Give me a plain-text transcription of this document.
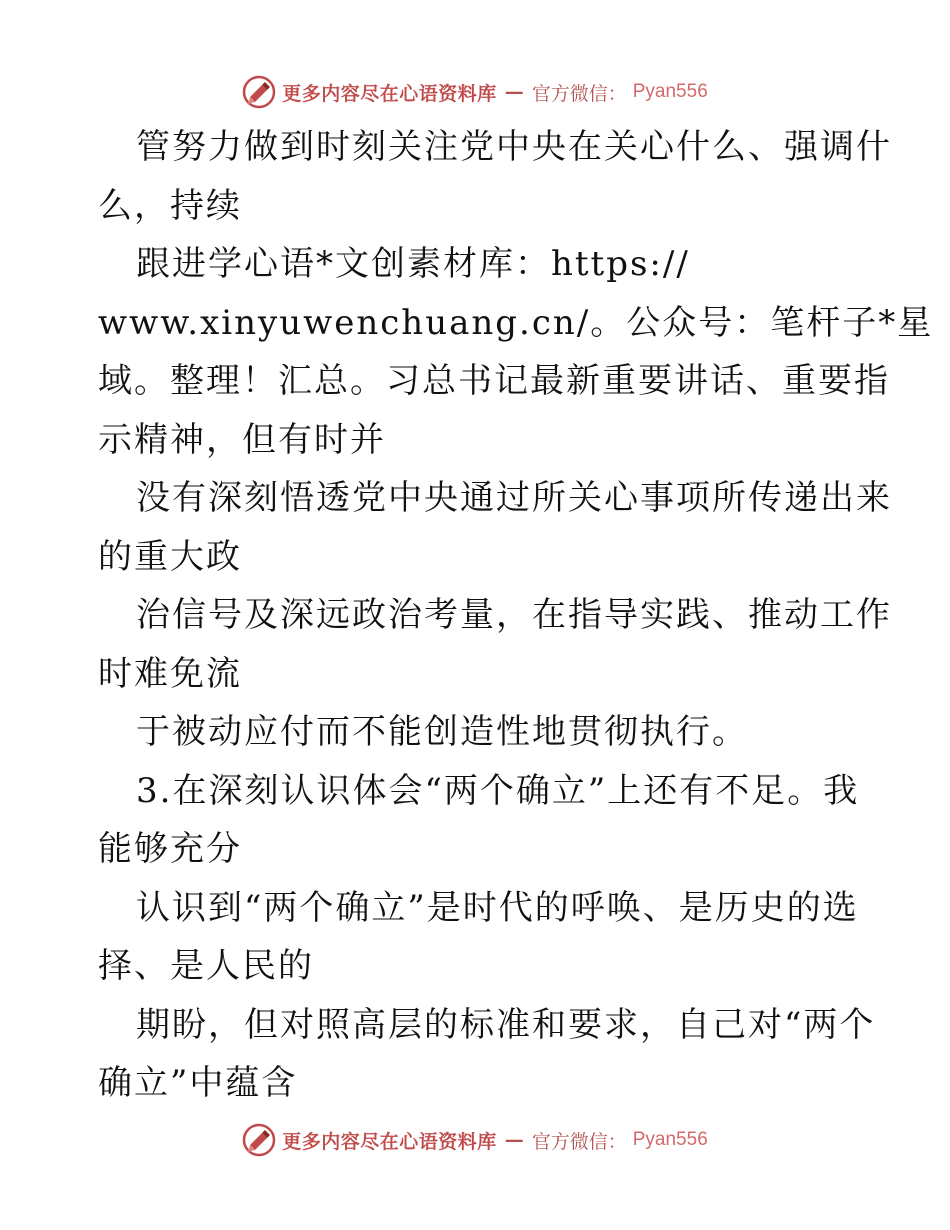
更多内容尽在心语资料库 — 官方微信： Pyan556
管努力做到时刻关注党中央在关心什么、强调什
么，持续
跟进学心语*文创素材库：https://
www.xinyuwenchuang.cn/。公众号：笔杆子*星
域。整理！汇总。习总书记最新重要讲话、重要指
示精神，但有时并
没有深刻悟透党中央通过所关心事项所传递出来
的重大政
治信号及深远政治考量，在指导实践、推动工作
时难免流
于被动应付而不能创造性地贯彻执行。
3.在深刻认识体会“两个确立”上还有不足。我
能够充分
认识到“两个确立”是时代的呼唤、是历史的选
择、是人民的
期盼，但对照高层的标准和要求，自己对“两个
确立”中蕴含
更多内容尽在心语资料库 — 官方微信： Pyan556
